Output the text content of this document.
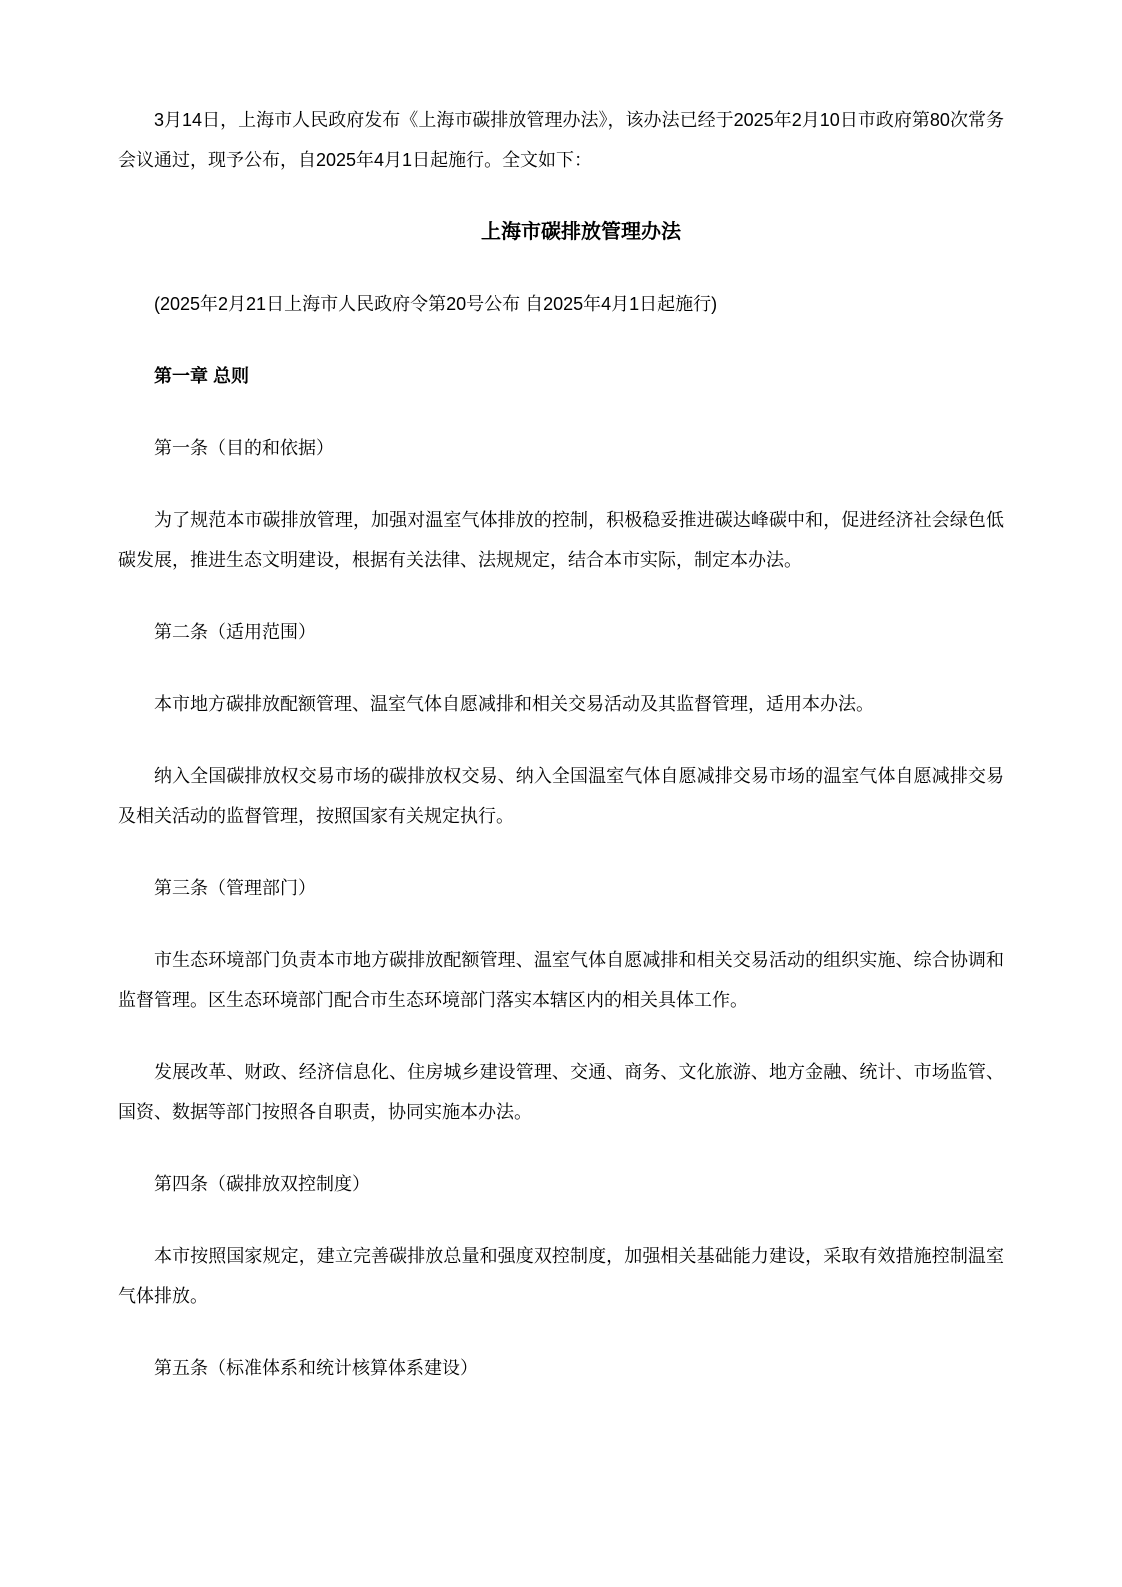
3月14日，上海市人民政府发布《上海市碳排放管理办法》，该办法已经于2025年2月10日市政府第80次常务会议通过，现予公布，自2025年4月1日起施行。全文如下：

上海市碳排放管理办法

(2025年2月21日上海市人民政府令第20号公布 自2025年4月1日起施行)

第一章 总则

第一条（目的和依据）

为了规范本市碳排放管理，加强对温室气体排放的控制，积极稳妥推进碳达峰碳中和，促进经济社会绿色低碳发展，推进生态文明建设，根据有关法律、法规规定，结合本市实际，制定本办法。

第二条（适用范围）

本市地方碳排放配额管理、温室气体自愿减排和相关交易活动及其监督管理，适用本办法。

纳入全国碳排放权交易市场的碳排放权交易、纳入全国温室气体自愿减排交易市场的温室气体自愿减排交易及相关活动的监督管理，按照国家有关规定执行。

第三条（管理部门）

市生态环境部门负责本市地方碳排放配额管理、温室气体自愿减排和相关交易活动的组织实施、综合协调和监督管理。区生态环境部门配合市生态环境部门落实本辖区内的相关具体工作。

发展改革、财政、经济信息化、住房城乡建设管理、交通、商务、文化旅游、地方金融、统计、市场监管、国资、数据等部门按照各自职责，协同实施本办法。

第四条（碳排放双控制度）

本市按照国家规定，建立完善碳排放总量和强度双控制度，加强相关基础能力建设，采取有效措施控制温室气体排放。

第五条（标准体系和统计核算体系建设）
